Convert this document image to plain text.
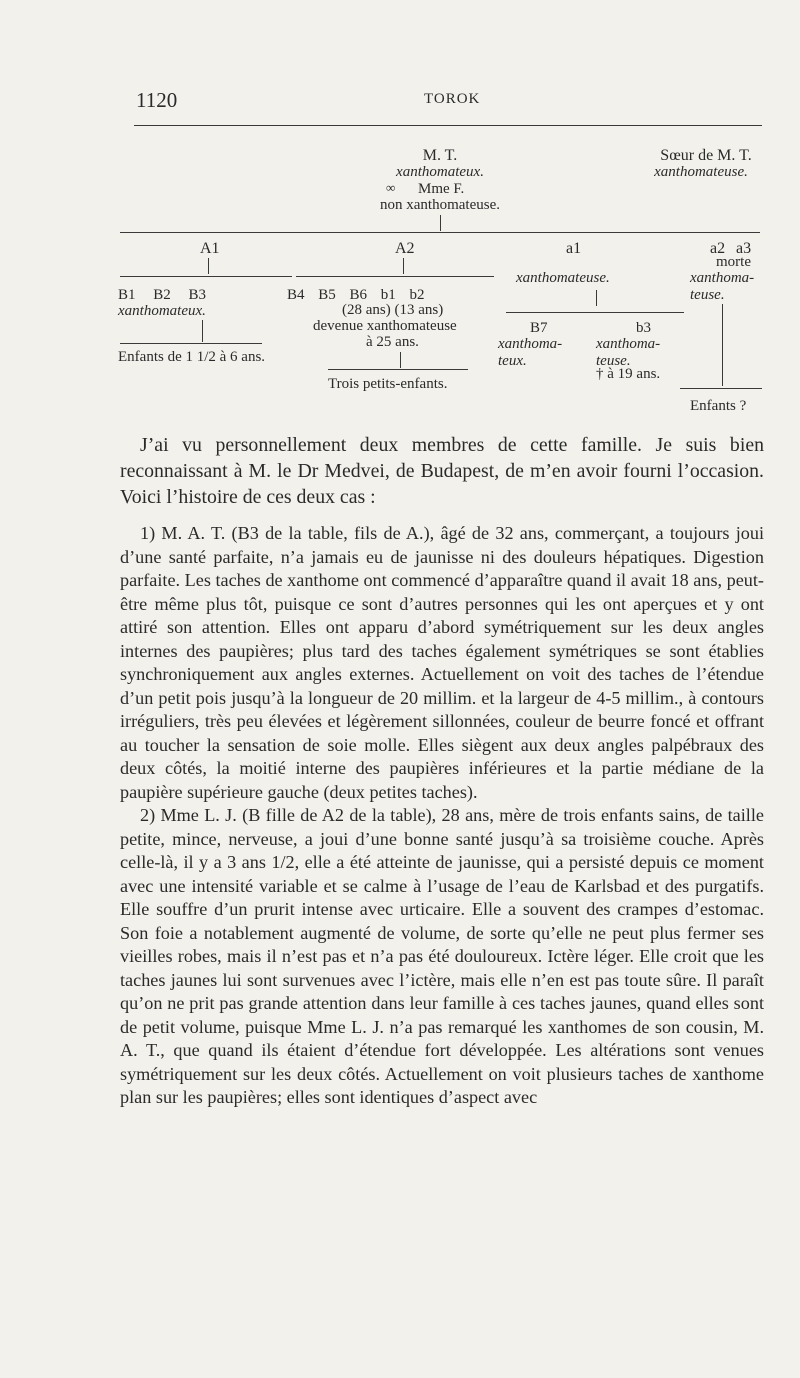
1120	TOROK
M. T.
xanthomateux.
∞ Mme F.
non xanthomateuse.
Sœur de M. T.
xanthomateuse.
A1	A2	a1	a2 a3
morte
xanthomateuse.	xanthoma-teuse.
B1 B2 B3
xanthomateux.
Enfants de 1 1/2 à 6 ans.
B4 B5 B6 b1 b2
(28 ans) (13 ans)
devenue xanthomateuse
à 25 ans.
Trois petits-enfants.
B7
xanthoma-teux.
b3
xanthoma-teuse.
† à 19 ans.
Enfants ?

J’ai vu personnellement deux membres de cette famille. Je suis bien reconnaissant à M. le Dr Medvei, de Budapest, de m’en avoir fourni l’occasion. Voici l’histoire de ces deux cas :

1) M. A. T. (B3 de la table, fils de A.), âgé de 32 ans, commerçant, a toujours joui d’une santé parfaite, n’a jamais eu de jaunisse ni des douleurs hépatiques. Digestion parfaite. Les taches de xanthome ont commencé d’apparaître quand il avait 18 ans, peut-être même plus tôt, puisque ce sont d’autres personnes qui les ont aperçues et y ont attiré son attention. Elles ont apparu d’abord symétriquement sur les deux angles internes des paupières; plus tard des taches également symétriques se sont établies synchroniquement aux angles externes. Actuellement on voit des taches de l’étendue d’un petit pois jusqu’à la longueur de 20 millim. et la largeur de 4-5 millim., à contours irréguliers, très peu élevées et légèrement sillonnées, couleur de beurre foncé et offrant au toucher la sensation de soie molle. Elles siègent aux deux angles palpébraux des deux côtés, la moitié interne des paupières inférieures et la partie médiane de la paupière supérieure gauche (deux petites taches).

2) Mme L. J. (B fille de A2 de la table), 28 ans, mère de trois enfants sains, de taille petite, mince, nerveuse, a joui d’une bonne santé jusqu’à sa troisième couche. Après celle-là, il y a 3 ans 1/2, elle a été atteinte de jaunisse, qui a persisté depuis ce moment avec une intensité variable et se calme à l’usage de l’eau de Karlsbad et des purgatifs. Elle souffre d’un prurit intense avec urticaire. Elle a souvent des crampes d’estomac. Son foie a notablement augmenté de volume, de sorte qu’elle ne peut plus fermer ses vieilles robes, mais il n’est pas et n’a pas été douloureux. Ictère léger. Elle croit que les taches jaunes lui sont survenues avec l’ictère, mais elle n’en est pas toute sûre. Il paraît qu’on ne prit pas grande attention dans leur famille à ces taches jaunes, quand elles sont de petit volume, puisque Mme L. J. n’a pas remarqué les xanthomes de son cousin, M. A. T., que quand ils étaient d’étendue fort développée. Les altérations sont venues symétriquement sur les deux côtés. Actuellement on voit plusieurs taches de xanthome plan sur les paupières; elles sont identiques d’aspect avec
